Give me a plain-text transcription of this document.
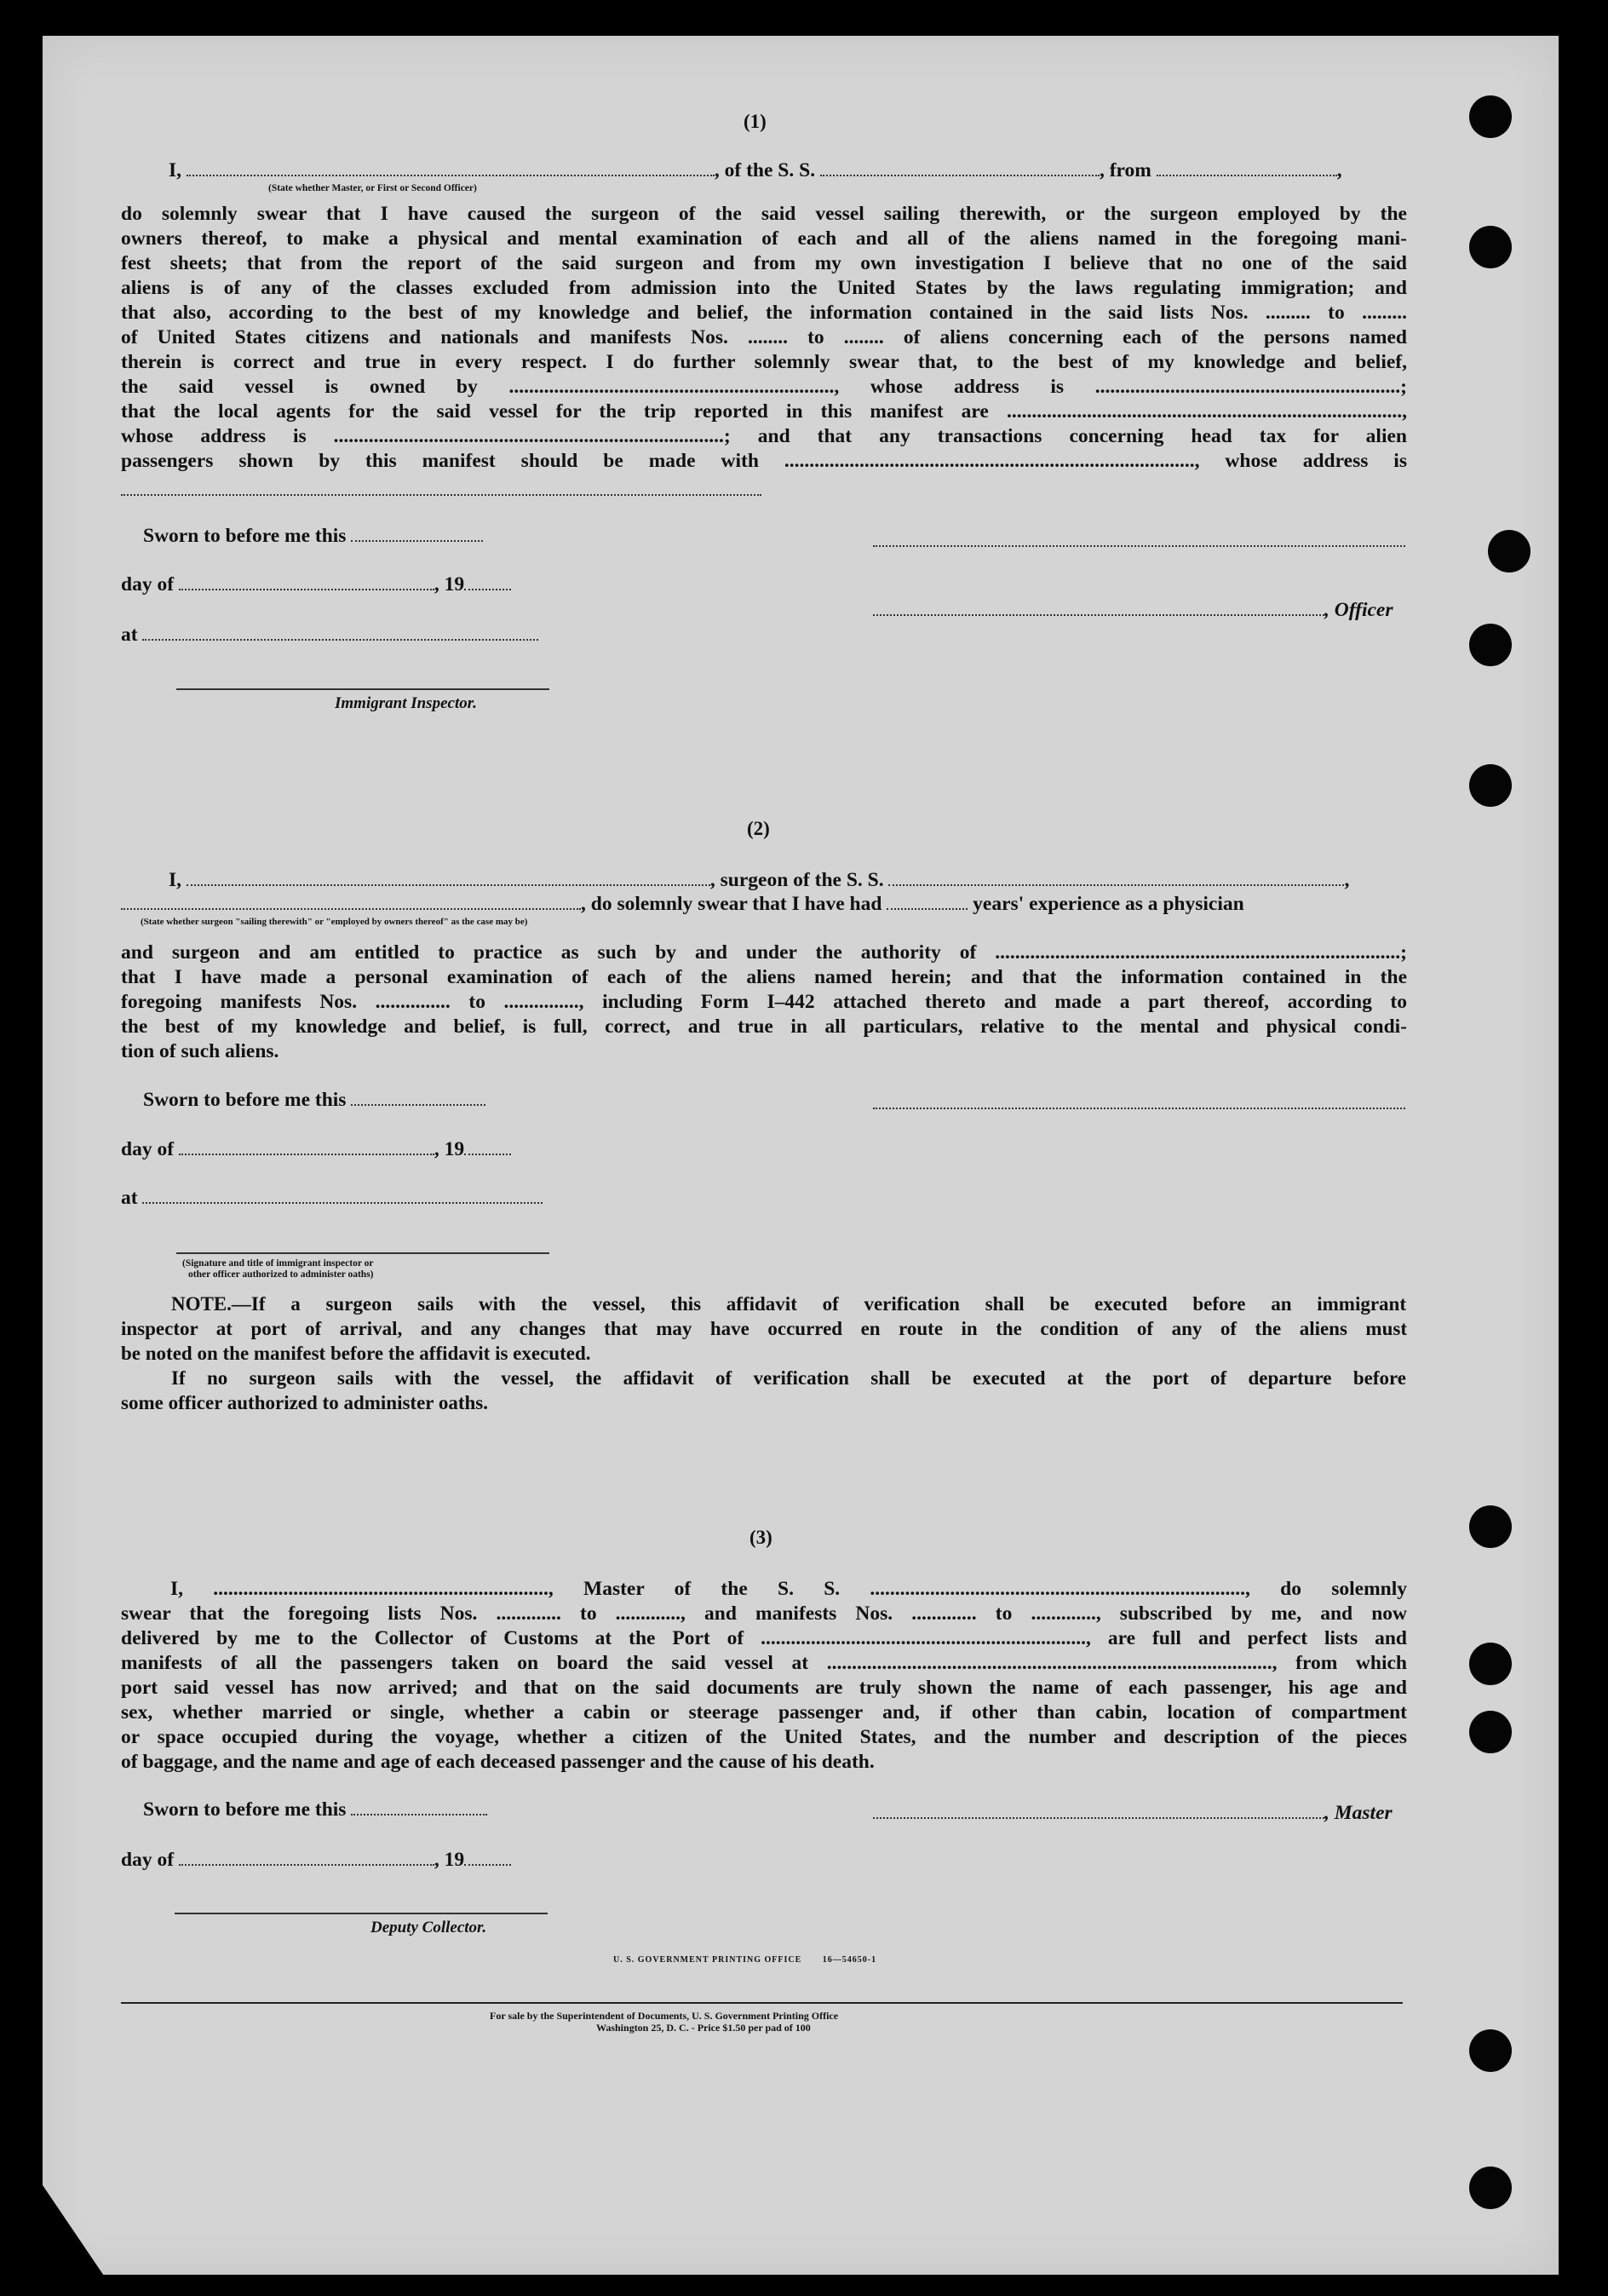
(1)
I,	, of the S. S.	, from	,
(State whether Master, or First or Second Officer)
do solemnly swear that I have caused the surgeon of the said vessel sailing therewith, or the surgeon employed by the
owners thereof, to make a physical and mental examination of each and all of the aliens named in the foregoing mani-
fest sheets; that from the report of the said surgeon and from my own investigation I believe that no one of the said
aliens is of any of the classes excluded from admission into the United States by the laws regulating immigration; and
that also, according to the best of my knowledge and belief, the information contained in the said lists Nos. ......... to .........
of United States citizens and nationals and manifests Nos. ........ to ........ of aliens concerning each of the persons named
therein is correct and true in every respect. I do further solemnly swear that, to the best of my knowledge and belief,
the said vessel is owned by ................................................................., whose address is .............................................................;
that the local agents for the said vessel for the trip reported in this manifest are ...............................................................................,
whose address is ..............................................................................; and that any transactions concerning head tax for alien
passengers shown by this manifest should be made with .................................................................................., whose address is
Sworn to before me this
day of	, 19
, Officer
at
Immigrant Inspector.
(2)
I,	, surgeon of the S. S.	,
, do solemnly swear that I have had	years' experience as a physician
(State whether surgeon "sailing therewith" or "employed by owners thereof" as the case may be)
and surgeon and am entitled to practice as such by and under the authority of .................................................................................;
that I have made a personal examination of each of the aliens named herein; and that the information contained in the
foregoing manifests Nos. ............... to ..............., including Form I–442 attached thereto and made a part thereof, according to
the best of my knowledge and belief, is full, correct, and true in all particulars, relative to the mental and physical condi-
tion of such aliens.
Sworn to before me this
day of	, 19
at
(Signature and title of immigrant inspector or
other officer authorized to administer oaths)
NOTE.—If a surgeon sails with the vessel, this affidavit of verification shall be executed before an immigrant
inspector at port of arrival, and any changes that may have occurred en route in the condition of any of the aliens must
be noted on the manifest before the affidavit is executed.
If no surgeon sails with the vessel, the affidavit of verification shall be executed at the port of departure before
some officer authorized to administer oaths.
(3)
I, ..................................................................., Master of the S. S. ..........................................................................., do solemnly
swear that the foregoing lists Nos. ............. to ............., and manifests Nos. ............. to ............., subscribed by me, and now
delivered by me to the Collector of Customs at the Port of ................................................................., are full and perfect lists and
manifests of all the passengers taken on board the said vessel at ........................................................................................., from which
port said vessel has now arrived; and that on the said documents are truly shown the name of each passenger, his age and
sex, whether married or single, whether a cabin or steerage passenger and, if other than cabin, location of compartment
or space occupied during the voyage, whether a citizen of the United States, and the number and description of the pieces
of baggage, and the name and age of each deceased passenger and the cause of his death.
Sworn to before me this	, Master
day of	, 19
Deputy Collector.
U. S. GOVERNMENT PRINTING OFFICE 16—54650-1
For sale by the Superintendent of Documents, U. S. Government Printing Office
Washington 25, D. C. - Price $1.50 per pad of 100
